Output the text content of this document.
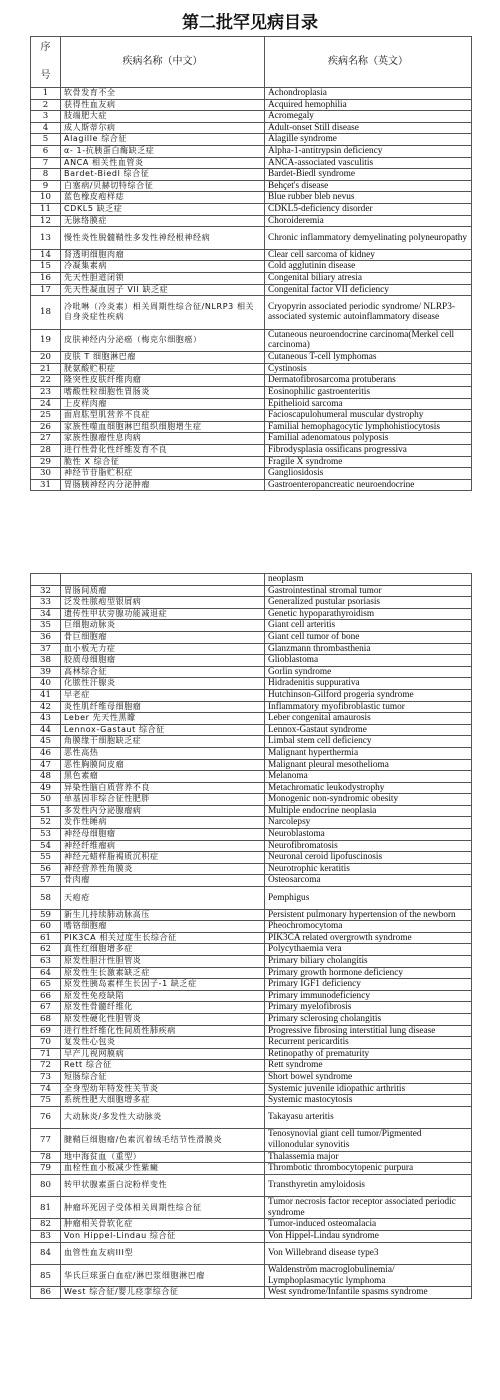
第二批罕见病目录
序

号	疾病名称（中文）	疾病名称（英文）
1	软骨发育不全	Achondroplasia
2	获得性血友病	Acquired hemophilia
3	肢端肥大症	Acromegaly
4	成人斯蒂尔病	Adult-onset Still disease
5	Alagille 综合征	Alagille syndrome
6	α- 1-抗胰蛋白酶缺乏症	Alpha-1-antitrypsin deficiency
7	ANCA 相关性血管炎	ANCA-associated vasculitis
8	Bardet-Biedl 综合征	Bardet-Biedl syndrome
9	白塞病/贝赫切特综合征	Behçet's disease
10	蓝色橡皮疱样痣	Blue rubber bleb nevus
11	CDKL5 缺乏症	CDKL5-deficiency disorder
12	无脉络膜症	Choroideremia
13	慢性炎性脱髓鞘性多发性神经根神经病	Chronic inflammatory demyelinating polyneuropathy
14	肾透明细胞肉瘤	Clear cell sarcoma of kidney
15	冷凝集素病	Cold agglutinin disease
16	先天性胆道闭锁	Congenital biliary atresia
17	先天性凝血因子 VII 缺乏症	Congenital factor VII deficiency
18	冷吡啉（冷炎素）相关周期性综合征/NLRP3 相关自身炎症性疾病	Cryopyrin associated periodic syndrome/ NLRP3-associated systemic autoinflammatory disease
19	皮肤神经内分泌癌（梅克尔细胞癌）	Cutaneous neuroendocrine carcinoma(Merkel cell carcinoma)
20	皮肤 T 细胞淋巴瘤	Cutaneous T-cell lymphomas
21	胱氨酸贮积症	Cystinosis
22	隆突性皮肤纤维肉瘤	Dermatofibrosarcoma protuberans
23	嗜酸性粒细胞性胃肠炎	Eosinophilic gastroenteritis
24	上皮样肉瘤	Epithelioid sarcoma
25	面肩肱型肌营养不良症	Facioscapulohumeral muscular dystrophy
26	家族性噬血细胞淋巴组织细胞增生症	Familial hemophagocytic lymphohistiocytosis
27	家族性腺瘤性息肉病	Familial adenomatous polyposis
28	进行性骨化性纤维发育不良	Fibrodysplasia ossificans progressiva
29	脆性 X 综合征	Fragile X syndrome
30	神经节苷脂贮积症	Gangliosidosis
31	胃肠胰神经内分泌肿瘤	Gastroenteropancreatic neuroendocrine
		neoplasm
32	胃肠间质瘤	Gastrointestinal stromal tumor
33	泛发性脓疱型银屑病	Generalized pustular psoriasis
34	遗传性甲状旁腺功能减退症	Genetic hypoparathyroidism
35	巨细胞动脉炎	Giant cell arteritis
36	骨巨细胞瘤	Giant cell tumor of bone
37	血小板无力症	Glanzmann thrombasthenia
38	胶质母细胞瘤	Glioblastoma
39	高林综合征	Gorlin syndrome
40	化脓性汗腺炎	Hidradenitis suppurativa
41	早老症	Hutchinson-Gilford progeria syndrome
42	炎性肌纤维母细胞瘤	Inflammatory myofibroblastic tumor
43	Leber 先天性黑矇	Leber congenital amaurosis
44	Lennox-Gastaut 综合征	Lennox-Gastaut syndrome
45	角膜缘干细胞缺乏症	Limbal stem cell deficiency
46	恶性高热	Malignant hyperthermia
47	恶性胸膜间皮瘤	Malignant pleural mesothelioma
48	黑色素瘤	Melanoma
49	异染性脑白质营养不良	Metachromatic leukodystrophy
50	单基因非综合征性肥胖	Monogenic non-syndromic obesity
51	多发性内分泌腺瘤病	Multiple endocrine neoplasia
52	发作性睡病	Narcolepsy
53	神经母细胞瘤	Neuroblastoma
54	神经纤维瘤病	Neurofibromatosis
55	神经元蜡样脂褐质沉积症	Neuronal ceroid lipofuscinosis
56	神经营养性角膜炎	Neurotrophic keratitis
57	骨肉瘤	Osteosarcoma
58	天疱疮	Pemphigus
59	新生儿持续肺动脉高压	Persistent pulmonary hypertension of the newborn
60	嗜铬细胞瘤	Pheochromocytoma
61	PIK3CA 相关过度生长综合征	PIK3CA related overgrowth syndrome
62	真性红细胞增多症	Polycythaemia vera
63	原发性胆汁性胆管炎	Primary biliary cholangitis
64	原发性生长激素缺乏症	Primary growth hormone deficiency
65	原发性胰岛素样生长因子-1 缺乏症	Primary IGF1 deficiency
66	原发性免疫缺陷	Primary immunodeficiency
67	原发性骨髓纤维化	Primary myelofibrosis
68	原发性硬化性胆管炎	Primary sclerosing cholangitis
69	进行性纤维化性间质性肺疾病	Progressive fibrosing interstitial lung disease
70	复发性心包炎	Recurrent pericarditis
71	早产儿视网膜病	Retinopathy of prematurity
72	Rett 综合征	Rett syndrome
73	短肠综合征	Short bowel syndrome
74	全身型幼年特发性关节炎	Systemic juvenile idiopathic arthritis
75	系统性肥大细胞增多症	Systemic mastocytosis
76	大动脉炎/多发性大动脉炎	Takayasu arteritis
77	腱鞘巨细胞瘤/色素沉着绒毛结节性滑膜炎	Tenosynovial giant cell tumor/Pigmented villonodular synovitis
78	地中海贫血（重型）	Thalassemia major
79	血栓性血小板减少性紫癜	Thrombotic thrombocytopenic purpura
80	转甲状腺素蛋白淀粉样变性	Transthyretin amyloidosis
81	肿瘤坏死因子受体相关周期性综合征	Tumor necrosis factor receptor associated periodic syndrome
82	肿瘤相关骨软化症	Tumor-induced osteomalacia
83	Von Hippel-Lindau 综合征	Von Hippel-Lindau syndrome
84	血管性血友病III型	Von Willebrand disease type3
85	华氏巨球蛋白血症/淋巴浆细胞淋巴瘤	Waldenström macroglobulinemia/ Lymphoplasmacytic lymphoma
86	West 综合征/婴儿痉挛综合征	West syndrome/Infantile spasms syndrome
